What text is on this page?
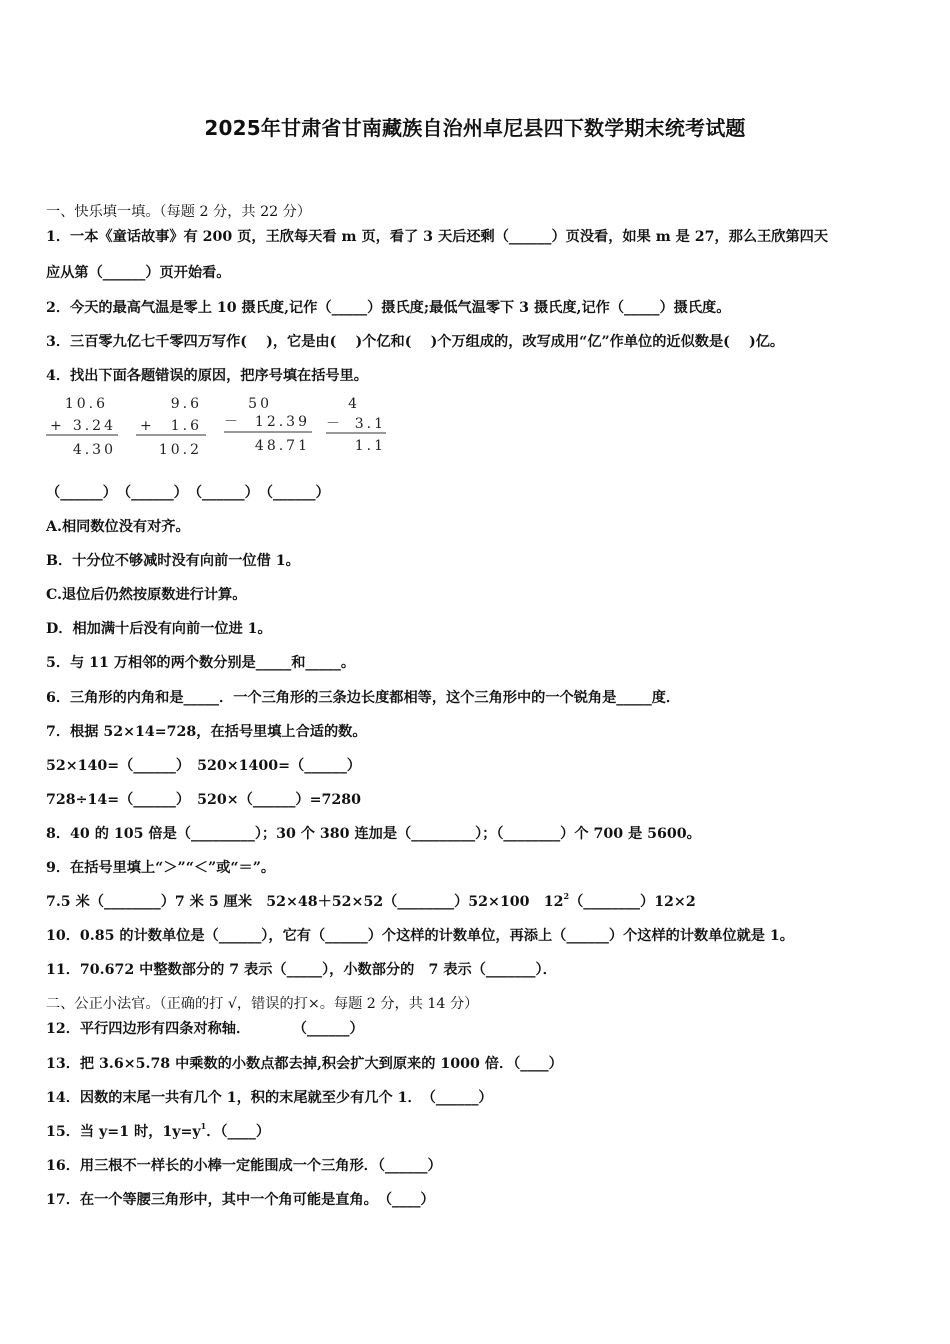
2025年甘肃省甘南藏族自治州卓尼县四下数学期末统考试题
一、快乐填一填。（每题 2 分，共 22 分）
1．一本《童话故事》有 200 页，王欣每天看 m 页，看了 3 天后还剩（______）页没看，如果 m 是 27，那么王欣第四天
应从第（______）页开始看。
2．今天的最高气温是零上 10 摄氏度,记作（_____）摄氏度;最低气温零下 3 摄氏度,记作（_____）摄氏度。
3．三百零九亿七千零四万写作(　 )，它是由(　 )个亿和(　 )个万组成的，改写成用“亿”作单位的近似数是(　 )亿。
4．找出下面各题错误的原因，把序号填在括号里。
10.6
+ 3.24
4.30
9.6
+ 1.6
10.2
50
－ 12.39
48.71
4
－ 3.1
1.1
（______）　（______）　（______）　（______）
A.相同数位没有对齐。
B．十分位不够减时没有向前一位借 1。
C.退位后仍然按原数进行计算。
D．相加满十后没有向前一位进 1。
5．与 11 万相邻的两个数分别是_____和_____。
6．三角形的内角和是_____．一个三角形的三条边长度都相等，这个三角形中的一个锐角是_____度．
7．根据 52×14=728，在括号里填上合适的数。
52×140=（______）　520×1400=（______）
728÷14=（______）　520×（______）=7280
8．40 的 105 倍是（_________）；30 个 380 连加是（_________）；（________）个 700 是 5600。
9．在括号里填上“＞”“＜”或“＝”。
7.5 米（________）7 米 5 厘米　52×48＋52×52（________）52×100　$12^2(\_\_\_\_\_\_\_\_)12\times 2$
10．0.85 的计数单位是（______），它有（______）个这样的计数单位，再添上（______）个这样的计数单位就是 1。
11．70.672 中整数部分的 7 表示（_____），小数部分的　7 表示（_______）．
二、公正小法官。（正确的打 √，错误的打×。每题 2 分，共 14 分）
12．平行四边形有四条对称轴．　　　　（______）
13．把 3.6×5.78 中乘数的小数点都去掉,积会扩大到原来的 1000 倍．（____）
14．因数的末尾一共有几个 1，积的末尾就至少有几个 1．　（______）
15．当 y=1 时，$1y=y^1$．（____）
16．用三根不一样长的小棒一定能围成一个三角形．（______）
17．在一个等腰三角形中，其中一个角可能是直角。　（____）
